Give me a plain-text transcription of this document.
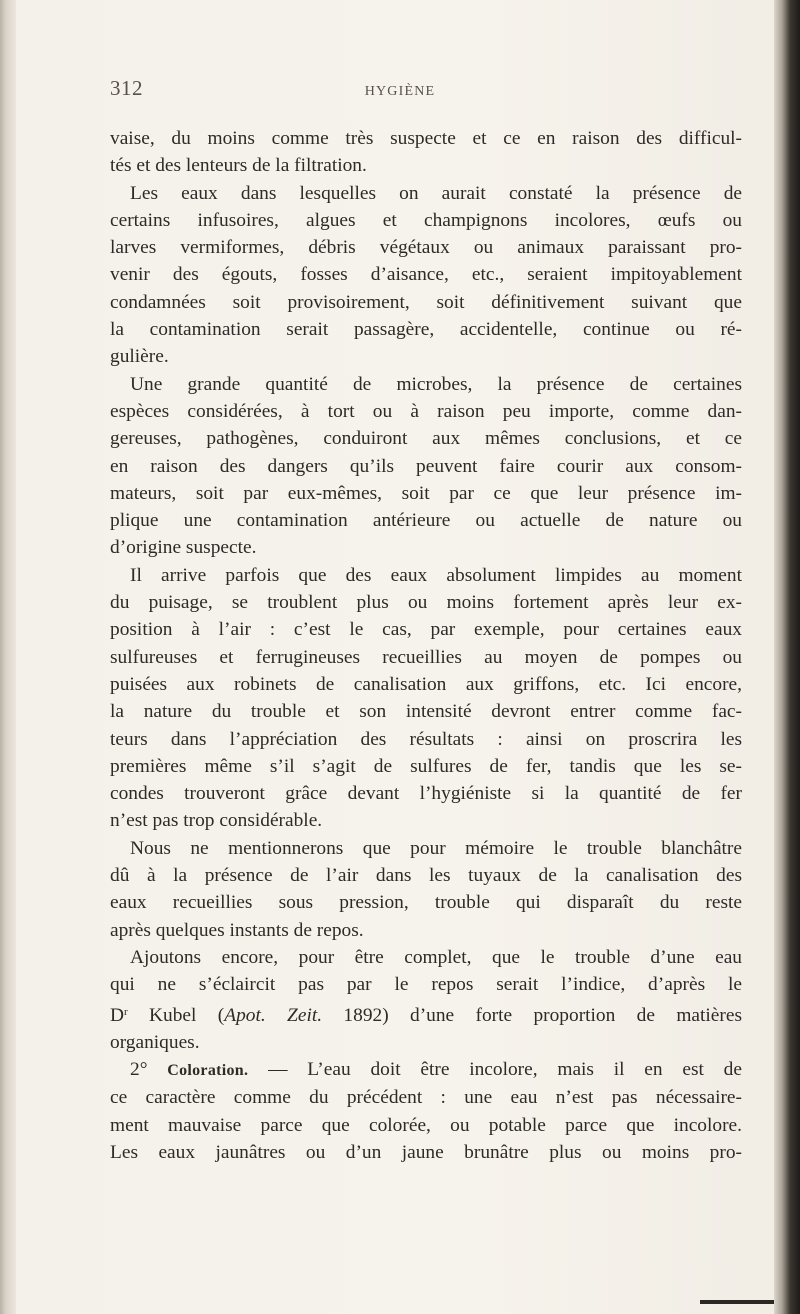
312	HYGIÈNE

vaise, du moins comme très suspecte et ce en raison des difficul-
tés et des lenteurs de la filtration.

Les eaux dans lesquelles on aurait constaté la présence de
certains infusoires, algues et champignons incolores, œufs ou
larves vermiformes, débris végétaux ou animaux paraissant pro-
venir des égouts, fosses d’aisance, etc., seraient impitoyablement
condamnées soit provisoirement, soit définitivement suivant que
la contamination serait passagère, accidentelle, continue ou ré-
gulière.

Une grande quantité de microbes, la présence de certaines
espèces considérées, à tort ou à raison peu importe, comme dan-
gereuses, pathogènes, conduiront aux mêmes conclusions, et ce
en raison des dangers qu’ils peuvent faire courir aux consom-
mateurs, soit par eux-mêmes, soit par ce que leur présence im-
plique une contamination antérieure ou actuelle de nature ou
d’origine suspecte.

Il arrive parfois que des eaux absolument limpides au moment
du puisage, se troublent plus ou moins fortement après leur ex-
position à l’air : c’est le cas, par exemple, pour certaines eaux
sulfureuses et ferrugineuses recueillies au moyen de pompes ou
puisées aux robinets de canalisation aux griffons, etc. Ici encore,
la nature du trouble et son intensité devront entrer comme fac-
teurs dans l’appréciation des résultats : ainsi on proscrira les
premières même s’il s’agit de sulfures de fer, tandis que les se-
condes trouveront grâce devant l’hygiéniste si la quantité de fer
n’est pas trop considérable.

Nous ne mentionnerons que pour mémoire le trouble blanchâtre
dû à la présence de l’air dans les tuyaux de la canalisation des
eaux recueillies sous pression, trouble qui disparaît du reste
après quelques instants de repos.

Ajoutons encore, pour être complet, que le trouble d’une eau
qui ne s’éclaircit pas par le repos serait l’indice, d’après le
$D^r$ Kubel (Apot. Zeit. 1892) d’une forte proportion de matières
organiques.

2° Coloration. — L’eau doit être incolore, mais il en est de
ce caractère comme du précédent : une eau n’est pas nécessaire-
ment mauvaise parce que colorée, ou potable parce que incolore.
Les eaux jaunâtres ou d’un jaune brunâtre plus ou moins pro-
